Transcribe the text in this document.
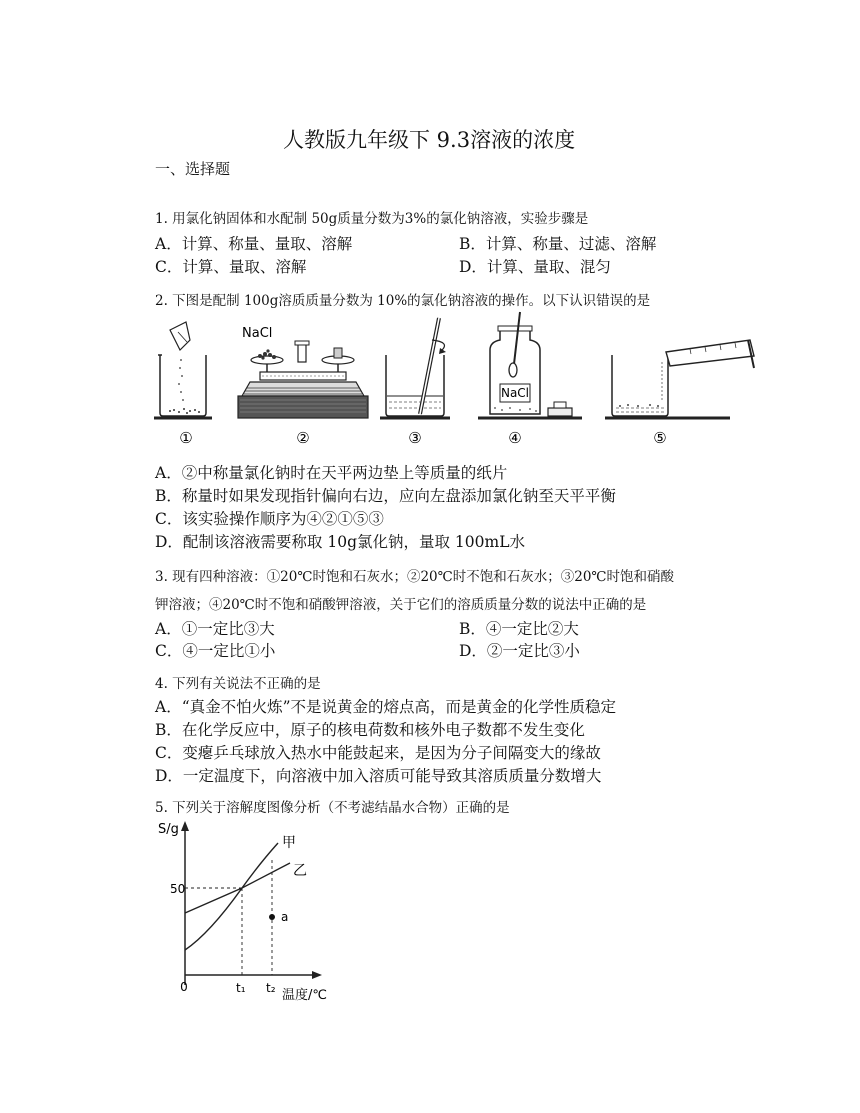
人教版九年级下 9.3溶液的浓度
一、选择题
1. 用氯化钠固体和水配制 50g质量分数为3%的氯化钠溶液，实验步骤是
A．计算、称量、量取、溶解	B．计算、称量、过滤、溶解
C．计算、量取、溶解	D．计算、量取、混匀
2. 下图是配制 100g溶质质量分数为 10%的氯化钠溶液的操作。以下认识错误的是
①
NaCl
②	③
NaCl
④	⑤
A．②中称量氯化钠时在天平两边垫上等质量的纸片
B．称量时如果发现指针偏向右边，应向左盘添加氯化钠至天平平衡
C．该实验操作顺序为④②①⑤③
D．配制该溶液需要称取 10g氯化钠，量取 100mL水
3. 现有四种溶液：①20℃时饱和石灰水；②20℃时不饱和石灰水；③20℃时饱和硝酸
钾溶液；④20℃时不饱和硝酸钾溶液，关于它们的溶质质量分数的说法中正确的是
A．①一定比③大	B．④一定比②大
C．④一定比①小	D．②一定比③小
4. 下列有关说法不正确的是
A．“真金不怕火炼”不是说黄金的熔点高，而是黄金的化学性质稳定
B．在化学反应中，原子的核电荷数和核外电子数都不发生变化
C．变瘪乒乓球放入热水中能鼓起来，是因为分子间隔变大的缘故
D．一定温度下，向溶液中加入溶质可能导致其溶质质量分数增大
5. 下列关于溶解度图像分析（不考滤结晶水合物）正确的是
S/g
温度/℃
0
50
t₁ t₂
甲
乙
a
